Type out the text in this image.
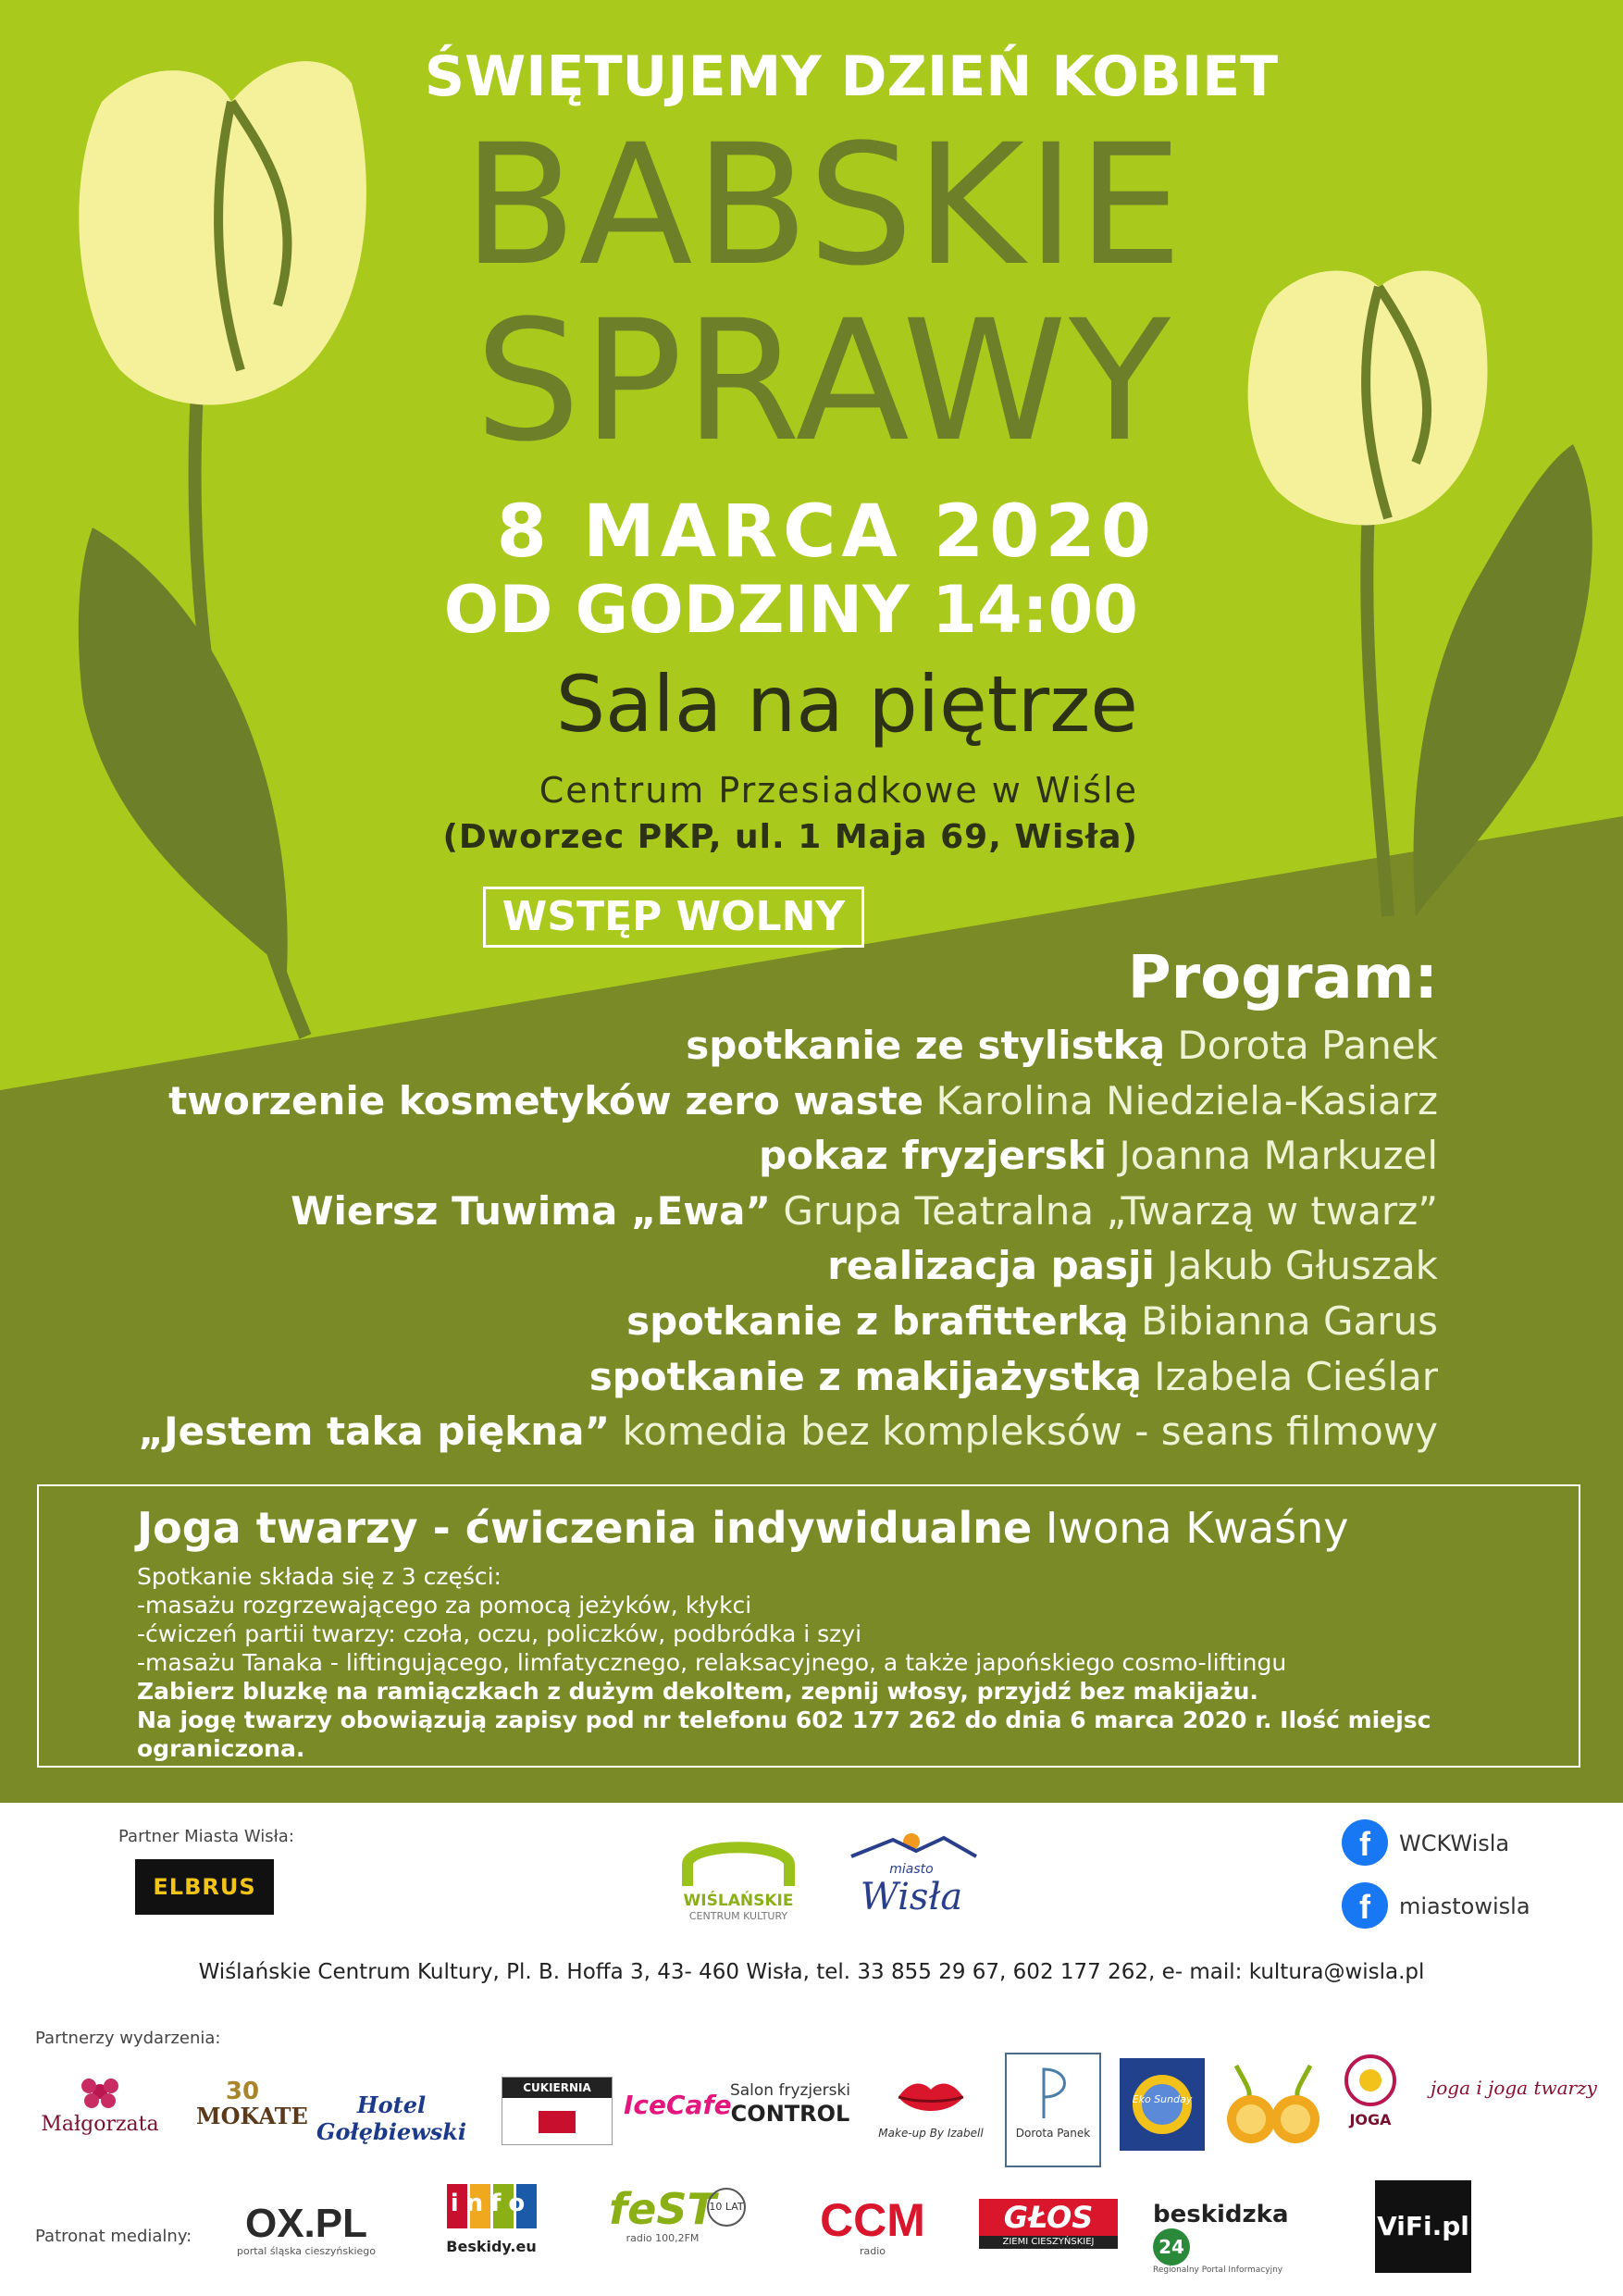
ŚWIĘTUJEMY DZIEŃ KOBIET
BABSKIE
SPRAWY
8 MARCA 2020
OD GODZINY 14:00
Sala na piętrze
Centrum Przesiadkowe w Wiśle
(Dworzec PKP, ul. 1 Maja 69, Wisła)
WSTĘP WOLNY
Program:
spotkanie ze stylistką Dorota Panek
tworzenie kosmetyków zero waste Karolina Niedziela-Kasiarz
pokaz fryzjerski Joanna Markuzel
Wiersz Tuwima „Ewa” Grupa Teatralna „Twarzą w twarz”
realizacja pasji Jakub Głuszak
spotkanie z brafitterką Bibianna Garus
spotkanie z makijażystką Izabela Cieślar
„Jestem taka piękna” komedia bez kompleksów - seans filmowy
Joga twarzy - ćwiczenia indywidualne Iwona Kwaśny
Spotkanie składa się z 3 części:
-masażu rozgrzewającego za pomocą jeżyków, kłykci
-ćwiczeń partii twarzy: czoła, oczu, policzków, podbródka i szyi
-masażu Tanaka - liftingującego, limfatycznego, relaksacyjnego, a także japońskiego cosmo-liftingu
Zabierz bluzkę na ramiączkach z dużym dekoltem, zepnij włosy, przyjdź bez makijażu.
Na jogę twarzy obowiązują zapisy pod nr telefonu 602 177 262 do dnia 6 marca 2020 r. Ilość miejsc ograniczona.
Partner Miasta Wisła:
ELBRUS
WIŚLAŃSKIE
CENTRUM KULTURY
miasto
Wisła
f	WCKWisla
f	miastowisla
Wiślańskie Centrum Kultury, Pl. B. Hoffa 3, 43- 460 Wisła, tel. 33 855 29 67, 602 177 262, e- mail: kultura@wisla.pl
Partnerzy wydarzenia:
Małgorzata
30
MOKATE	Hotel Gołębiewski
CUKIERNIA
IceCafe
Salon fryzjerski
CONTROL
Make-up By Izabell	Dorota Panek
Eko Sunday
JOGA
joga i joga twarzy
Patronat medialny:	OX.PL
portal śląska cieszyńskiego
info
Beskidy.eu
feST
radio 100,2FM
10 LAT	CCM
radio
GŁOS
ZIEMI CIESZYŃSKIEJ
beskidzka 24
Regionalny Portal Informacyjny
ViFi.pl
